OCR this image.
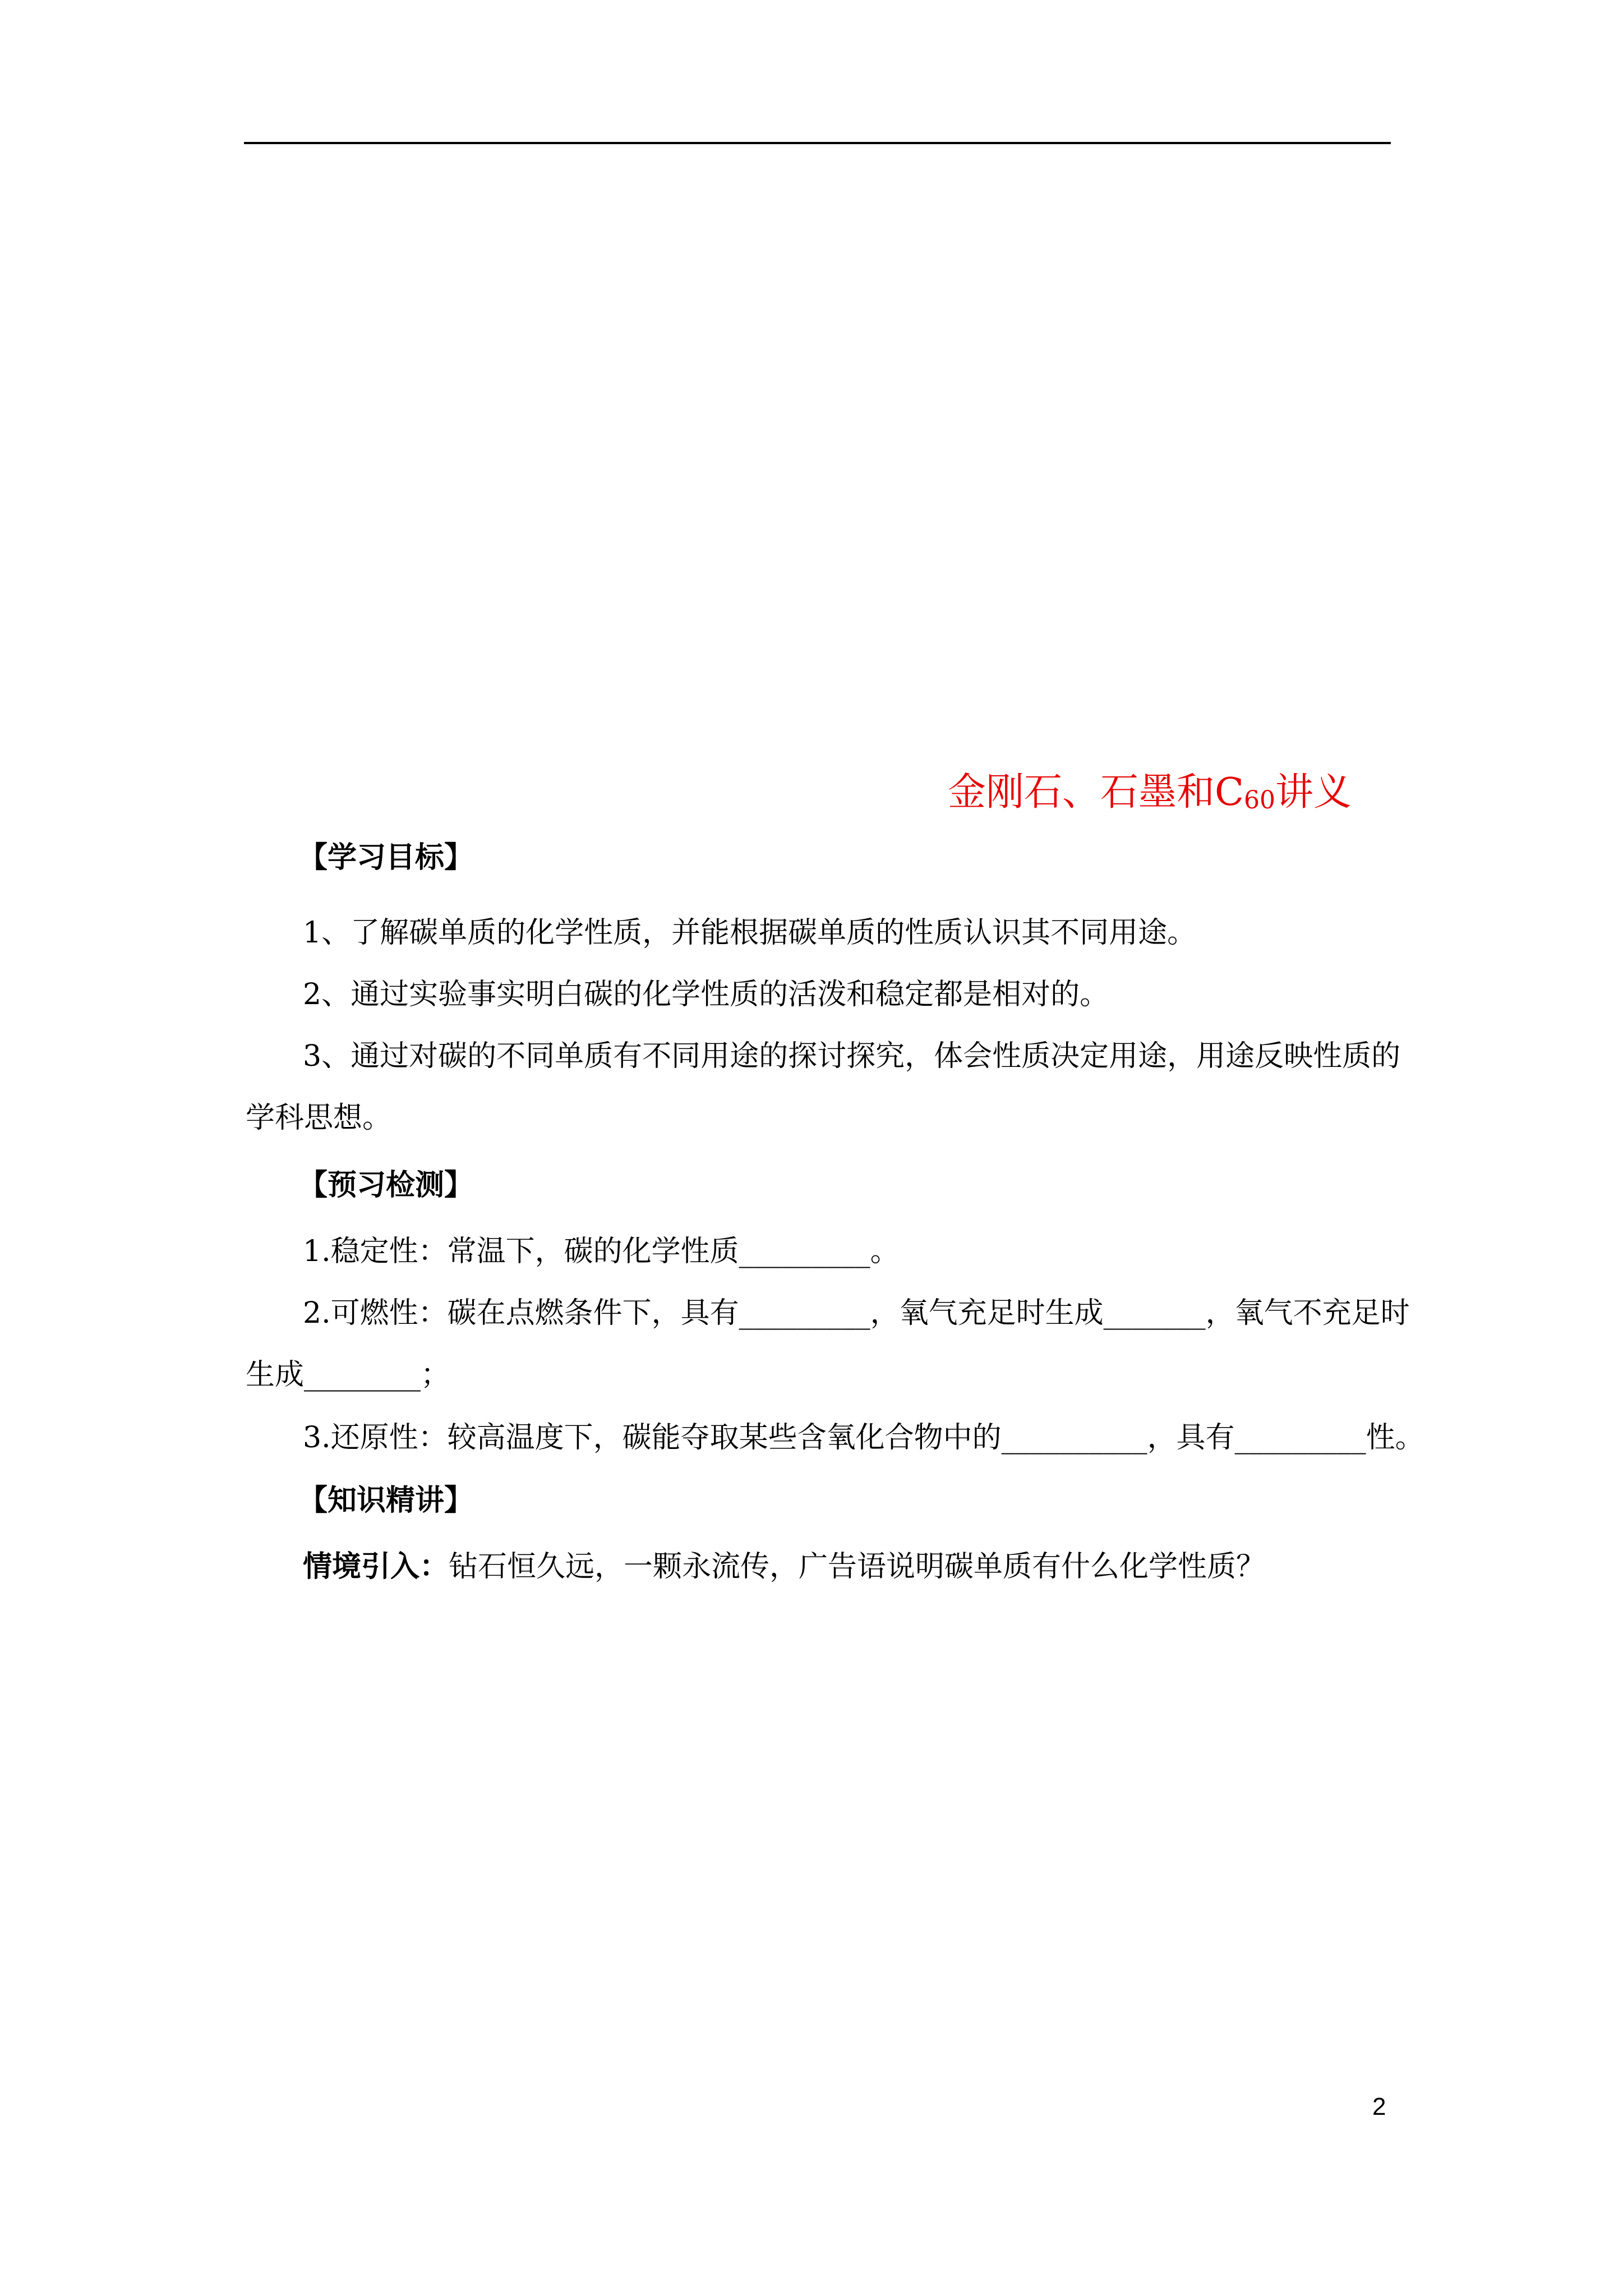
金刚石、石墨和C60讲义
【学习目标】
1、了解碳单质的化学性质，并能根据碳单质的性质认识其不同用途。
2、通过实验事实明白碳的化学性质的活泼和稳定都是相对的。
3、通过对碳的不同单质有不同用途的探讨探究，体会性质决定用途，用途反映性质的
学科思想。
【预习检测】
1.稳定性：常温下，碳的化学性质_________。
2.可燃性：碳在点燃条件下，具有_________，氧气充足时生成_______，氧气不充足时
生成________；
3.还原性：较高温度下，碳能夺取某些含氧化合物中的__________，具有_________性。
【知识精讲】
情境引入：钻石恒久远，一颗永流传，广告语说明碳单质有什么化学性质？
2
